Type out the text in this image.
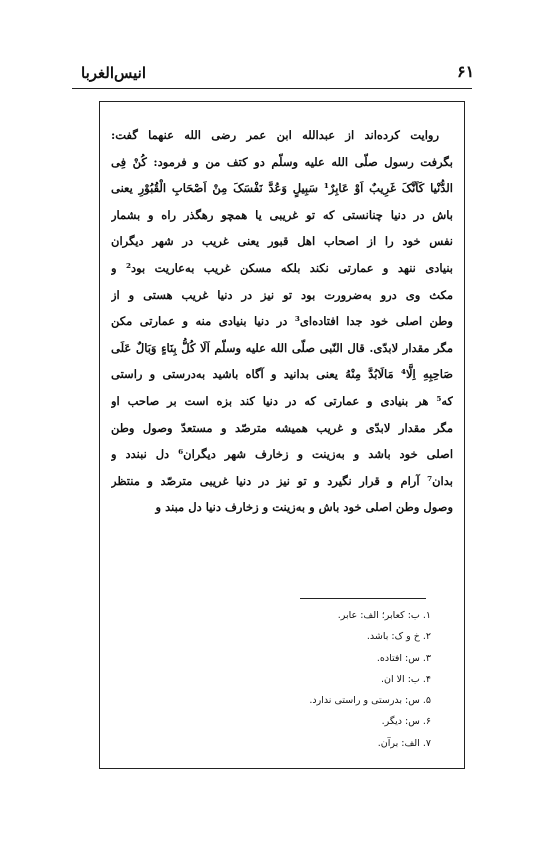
انیس‌الغربا	۶۱
روایت کرده‌اند از عبدالله ابن عمر رضی الله عنهما گفت:
بگرفت رسول صلّی الله علیه وسلّم دو کتف من و فرمود: کُنْ فِی
الدُّنْیا کَاَنَّکَ غَرِیبٌ اَوْ عَابِرٌ¹ سَبِیلٍ وَعُدَّ نَفْسَکَ مِنْ اَصْحَابِ الْقُبُوْرِ یعنی
باش در دنیا چنانستی که تو غریبی یا همچو رهگذر راه و بشمار
نفس خود را از اصحاب اهل قبور یعنی غریب در شهر دیگران
بنیادی ننهد و عمارتی نکند بلکه مسکن غریب به‌عاریت بود² و
مکث وی درو به‌ضرورت بود تو نیز در دنیا غریب هستی و از
وطن اصلی خود جدا افتاده‌ای³ در دنیا بنیادی منه و عمارتی مکن
مگر مقدار لابدّی. قال النّبی صلّی الله علیه وسلّم اَلَا کُلُّ بِنَاءٍ وَبَالٌ عَلَی
صَاحِبِهِ اِلَّا⁴ مَالَابُدَّ مِنْهُ یعنی بدانید و آگاه باشید به‌درستی و راستی
که⁵ هر بنیادی و عمارتی که در دنیا کند بزه است بر صاحب او
مگر مقدار لابدّی و غریب همیشه مترصّد و مستعدّ وصول وطن
اصلی خود باشد و به‌زینت و زخارف شهر دیگران⁶ دل نبندد و
بدان⁷ آرام و قرار نگیرد و تو نیز در دنیا غریبی مترصّد و منتظر
وصول وطن اصلی خود باش و به‌زینت و زخارف دنیا دل مبند و
۱. ب: کعابر؛ الف: عابر.
۲. خ و ک: باشد.
۳. س: افتاده.
۴. ب: الا ان.
۵. س: بدرستی و راستی ندارد.
۶. س: دیگر.
۷. الف: برآن.
